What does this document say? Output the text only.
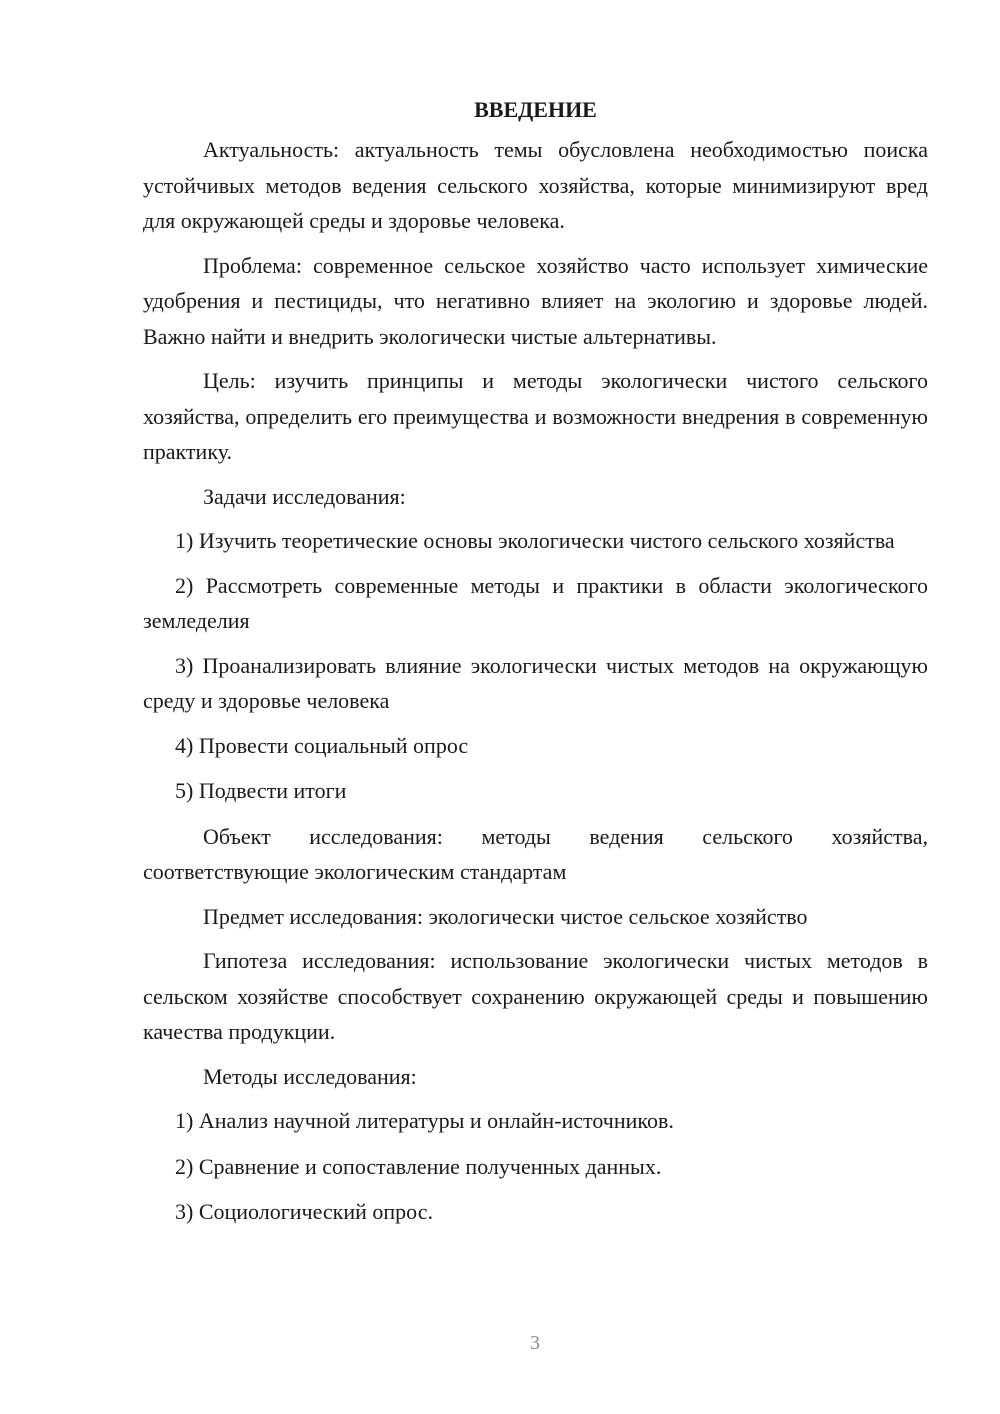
ВВЕДЕНИЕ

Актуальность: актуальность темы обусловлена необходимостью поиска устойчивых методов ведения сельского хозяйства, которые минимизируют вред для окружающей среды и здоровье человека.

Проблема: современное сельское хозяйство часто использует химические удобрения и пестициды, что негативно влияет на экологию и здоровье людей. Важно найти и внедрить экологически чистые альтернативы.

Цель: изучить принципы и методы экологически чистого сельского хозяйства, определить его преимущества и возможности внедрения в современную практику.

Задачи исследования:

1) Изучить теоретические основы экологически чистого сельского хозяйства

2) Рассмотреть современные методы и практики в области экологического земледелия

3) Проанализировать влияние экологически чистых методов на окружающую среду и здоровье человека

4) Провести социальный опрос

5) Подвести итоги

Объект исследования: методы ведения сельского хозяйства, соответствующие экологическим стандартам

Предмет исследования: экологически чистое сельское хозяйство

Гипотеза исследования: использование экологически чистых методов в сельском хозяйстве способствует сохранению окружающей среды и повышению качества продукции.

Методы исследования:

1) Анализ научной литературы и онлайн-источников.

2) Сравнение и сопоставление полученных данных.

3) Социологический опрос.

3
